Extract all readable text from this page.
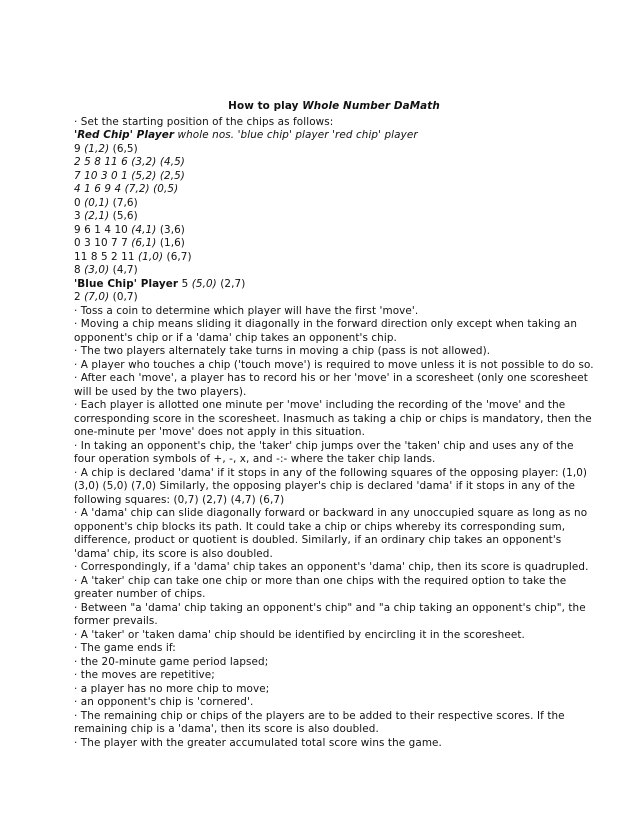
How to play Whole Number DaMath
· Set the starting position of the chips as follows:
'Red Chip' Player whole nos. 'blue chip' player 'red chip' player
9 (1,2) (6,5)
2 5 8 11 6 (3,2) (4,5)
7 10 3 0 1 (5,2) (2,5)
4 1 6 9 4 (7,2) (0,5)
0 (0,1) (7,6)
3 (2,1) (5,6)
9 6 1 4 10 (4,1) (3,6)
0 3 10 7 7 (6,1) (1,6)
11 8 5 2 11 (1,0) (6,7)
8 (3,0) (4,7)
'Blue Chip' Player 5 (5,0) (2,7)
2 (7,0) (0,7)
· Toss a coin to determine which player will have the first 'move'.
· Moving a chip means sliding it diagonally in the forward direction only except when taking an opponent's chip or if a 'dama' chip takes an opponent's chip.
· The two players alternately take turns in moving a chip (pass is not allowed).
· A player who touches a chip ('touch move') is required to move unless it is not possible to do so.
· After each 'move', a player has to record his or her 'move' in a scoresheet (only one scoresheet will be used by the two players).
· Each player is allotted one minute per 'move' including the recording of the 'move' and the corresponding score in the scoresheet. Inasmuch as taking a chip or chips is mandatory, then the one-minute per 'move' does not apply in this situation.
· In taking an opponent's chip, the 'taker' chip jumps over the 'taken' chip and uses any of the four operation symbols of +, -, x, and -:- where the taker chip lands.
· A chip is declared 'dama' if it stops in any of the following squares of the opposing player: (1,0) (3,0) (5,0) (7,0) Similarly, the opposing player's chip is declared 'dama' if it stops in any of the following squares: (0,7) (2,7) (4,7) (6,7)
· A 'dama' chip can slide diagonally forward or backward in any unoccupied square as long as no opponent's chip blocks its path. It could take a chip or chips whereby its corresponding sum, difference, product or quotient is doubled. Similarly, if an ordinary chip takes an opponent's 'dama' chip, its score is also doubled.
· Correspondingly, if a 'dama' chip takes an opponent's 'dama' chip, then its score is quadrupled.
· A 'taker' chip can take one chip or more than one chips with the required option to take the greater number of chips.
· Between "a 'dama' chip taking an opponent's chip" and "a chip taking an opponent's chip", the former prevails.
· A 'taker' or 'taken dama' chip should be identified by encircling it in the scoresheet.
· The game ends if:
· the 20-minute game period lapsed;
· the moves are repetitive;
· a player has no more chip to move;
· an opponent's chip is 'cornered'.
· The remaining chip or chips of the players are to be added to their respective scores. If the remaining chip is a 'dama', then its score is also doubled.
· The player with the greater accumulated total score wins the game.
